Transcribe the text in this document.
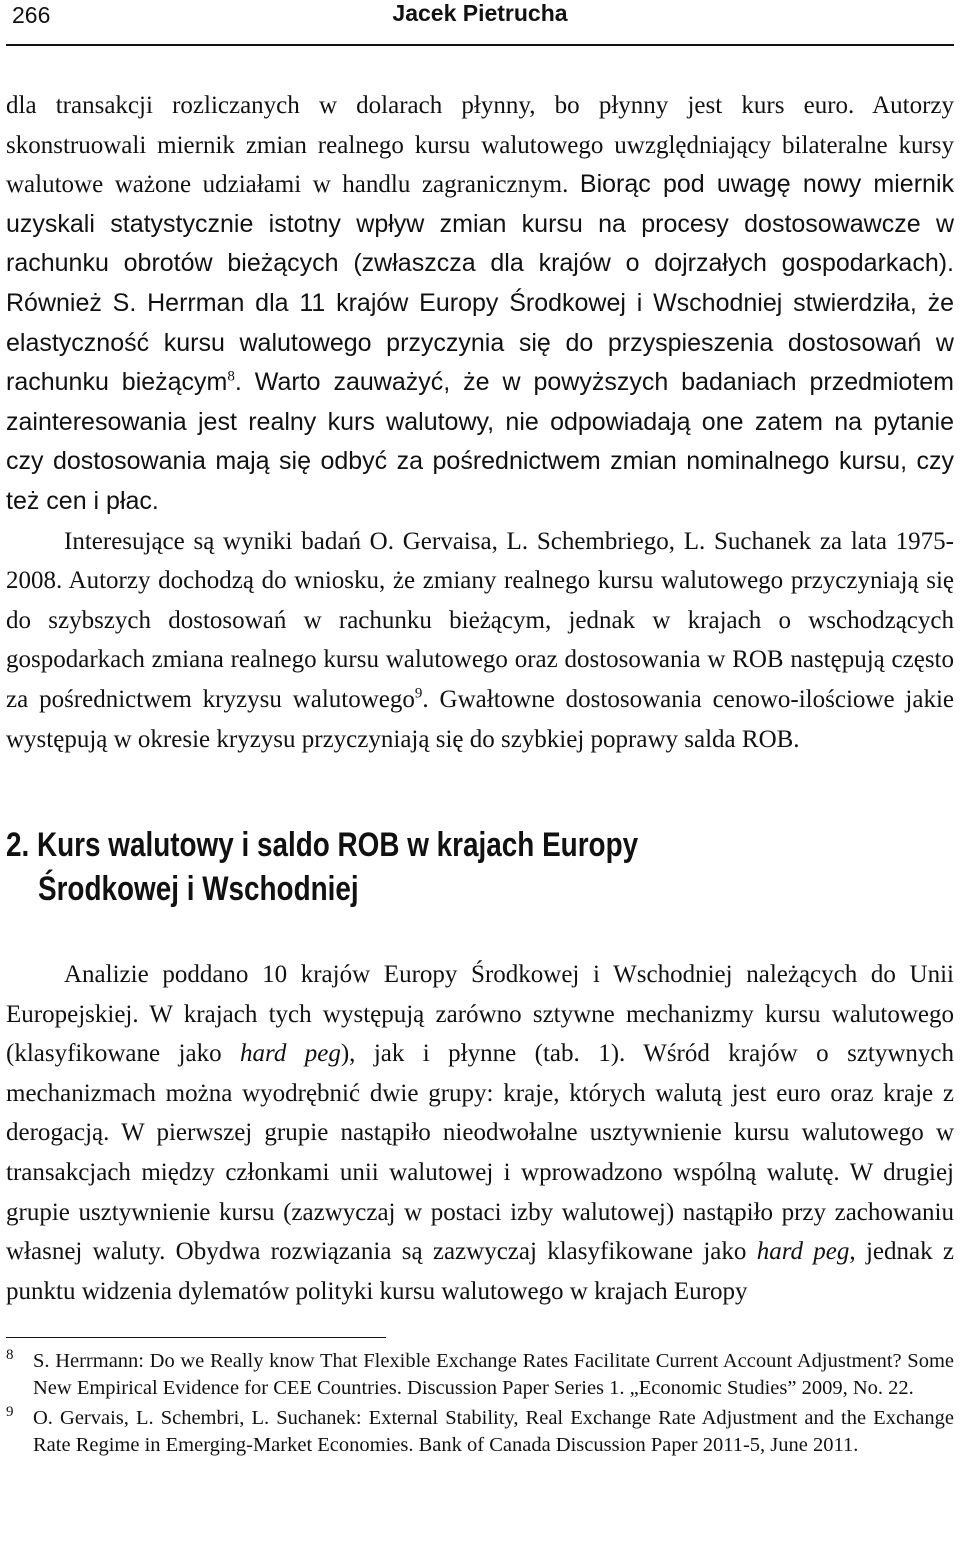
266	Jacek Pietrucha

dla transakcji rozliczanych w dolarach płynny, bo płynny jest kurs euro. Autorzy skonstruowali miernik zmian realnego kursu walutowego uwzględniający bilateralne kursy walutowe ważone udziałami w handlu zagranicznym. Biorąc pod uwagę nowy miernik uzyskali statystycznie istotny wpływ zmian kursu na procesy dostosowawcze w rachunku obrotów bieżących (zwłaszcza dla krajów o dojrzałych gospodarkach). Również S. Herrman dla 11 krajów Europy Środkowej i Wschodniej stwierdziła, że elastyczność kursu walutowego przyczynia się do przyspieszenia dostosowań w rachunku bieżącym$^8$. Warto zauważyć, że w powyższych badaniach przedmiotem zainteresowania jest realny kurs walutowy, nie odpowiadają one zatem na pytanie czy dostosowania mają się odbyć za pośrednictwem zmian nominalnego kursu, czy też cen i płac.

Interesujące są wyniki badań O. Gervaisa, L. Schembriego, L. Suchanek za lata 1975-2008. Autorzy dochodzą do wniosku, że zmiany realnego kursu walutowego przyczyniają się do szybszych dostosowań w rachunku bieżącym, jednak w krajach o wschodzących gospodarkach zmiana realnego kursu walutowego oraz dostosowania w ROB następują często za pośrednictwem kryzysu walutowego$^9$. Gwałtowne dostosowania cenowo-ilościowe jakie występują w okresie kryzysu przyczyniają się do szybkiej poprawy salda ROB.

2. Kurs walutowy i saldo ROB w krajach Europy
Środkowej i Wschodniej

Analizie poddano 10 krajów Europy Środkowej i Wschodniej należących do Unii Europejskiej. W krajach tych występują zarówno sztywne mechanizmy kursu walutowego (klasyfikowane jako hard peg), jak i płynne (tab. 1). Wśród krajów o sztywnych mechanizmach można wyodrębnić dwie grupy: kraje, których walutą jest euro oraz kraje z derogacją. W pierwszej grupie nastąpiło nieodwołalne usztywnienie kursu walutowego w transakcjach między członkami unii walutowej i wprowadzono wspólną walutę. W drugiej grupie usztywnienie kursu (zazwyczaj w postaci izby walutowej) nastąpiło przy zachowaniu własnej waluty. Obydwa rozwiązania są zazwyczaj klasyfikowane jako hard peg, jednak z punktu widzenia dylematów polityki kursu walutowego w krajach Europy

8 S. Herrmann: Do we Really know That Flexible Exchange Rates Facilitate Current Account Adjustment? Some New Empirical Evidence for CEE Countries. Discussion Paper Series 1. „Economic Studies” 2009, No. 22.
9 O. Gervais, L. Schembri, L. Suchanek: External Stability, Real Exchange Rate Adjustment and the Exchange Rate Regime in Emerging-Market Economies. Bank of Canada Discussion Paper 2011-5, June 2011.
